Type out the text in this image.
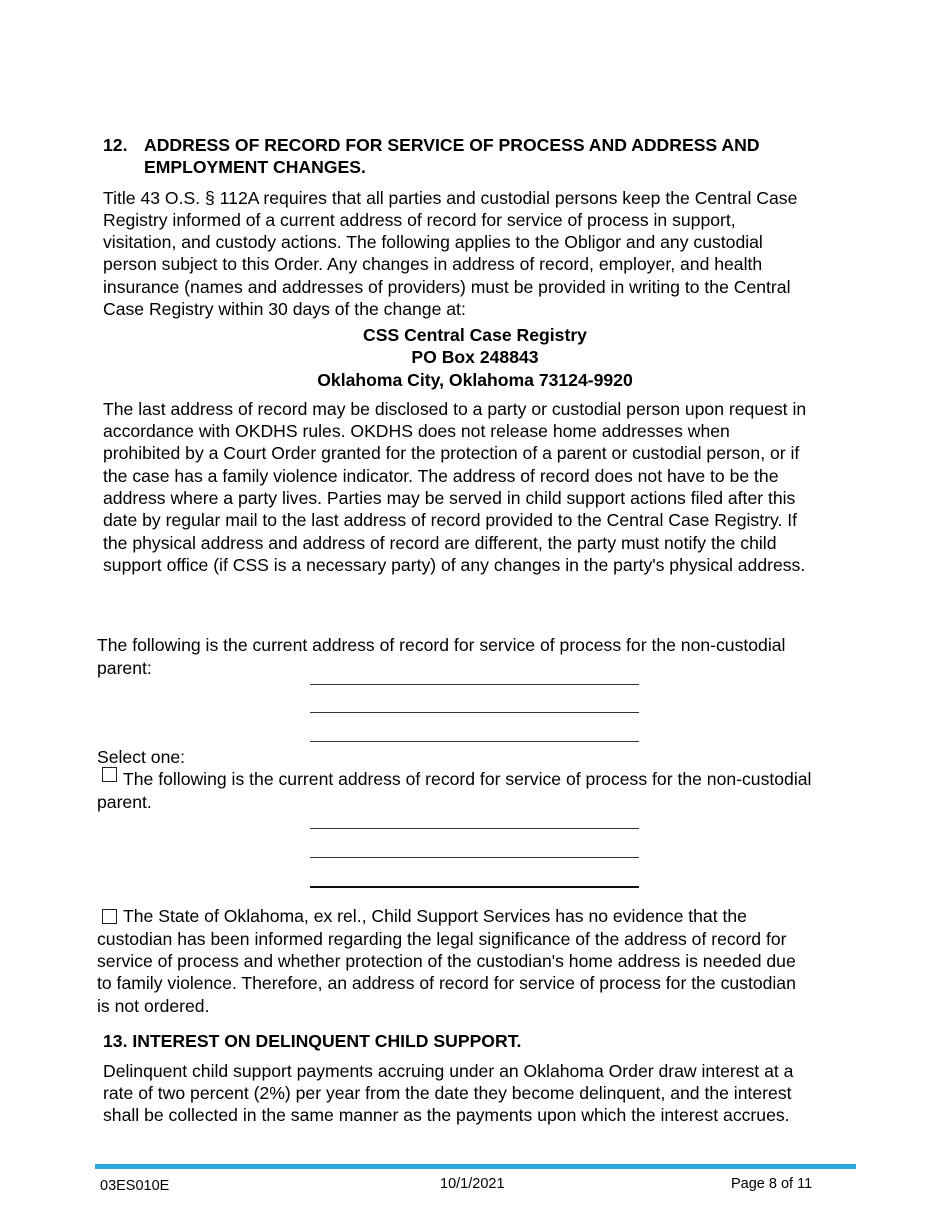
12. ADDRESS OF RECORD FOR SERVICE OF PROCESS AND ADDRESS AND
EMPLOYMENT CHANGES.
Title 43 O.S. § 112A requires that all parties and custodial persons keep the Central Case
Registry informed of a current address of record for service of process in support,
visitation, and custody actions. The following applies to the Obligor and any custodial
person subject to this Order. Any changes in address of record, employer, and health
insurance (names and addresses of providers) must be provided in writing to the Central
Case Registry within 30 days of the change at:
CSS Central Case Registry
PO Box 248843
Oklahoma City, Oklahoma 73124-9920
The last address of record may be disclosed to a party or custodial person upon request in
accordance with OKDHS rules. OKDHS does not release home addresses when
prohibited by a Court Order granted for the protection of a parent or custodial person, or if
the case has a family violence indicator. The address of record does not have to be the
address where a party lives. Parties may be served in child support actions filed after this
date by regular mail to the last address of record provided to the Central Case Registry. If
the physical address and address of record are different, the party must notify the child
support office (if CSS is a necessary party) of any changes in the party's physical address.
The following is the current address of record for service of process for the non-custodial
parent:
Select one:
The following is the current address of record for service of process for the non-custodial
parent.
The State of Oklahoma, ex rel., Child Support Services has no evidence that the
custodian has been informed regarding the legal significance of the address of record for
service of process and whether protection of the custodian's home address is needed due
to family violence. Therefore, an address of record for service of process for the custodian
is not ordered.
13. INTEREST ON DELINQUENT CHILD SUPPORT.
Delinquent child support payments accruing under an Oklahoma Order draw interest at a
rate of two percent (2%) per year from the date they become delinquent, and the interest
shall be collected in the same manner as the payments upon which the interest accrues.
03ES010E	10/1/2021	Page 8 of 11
